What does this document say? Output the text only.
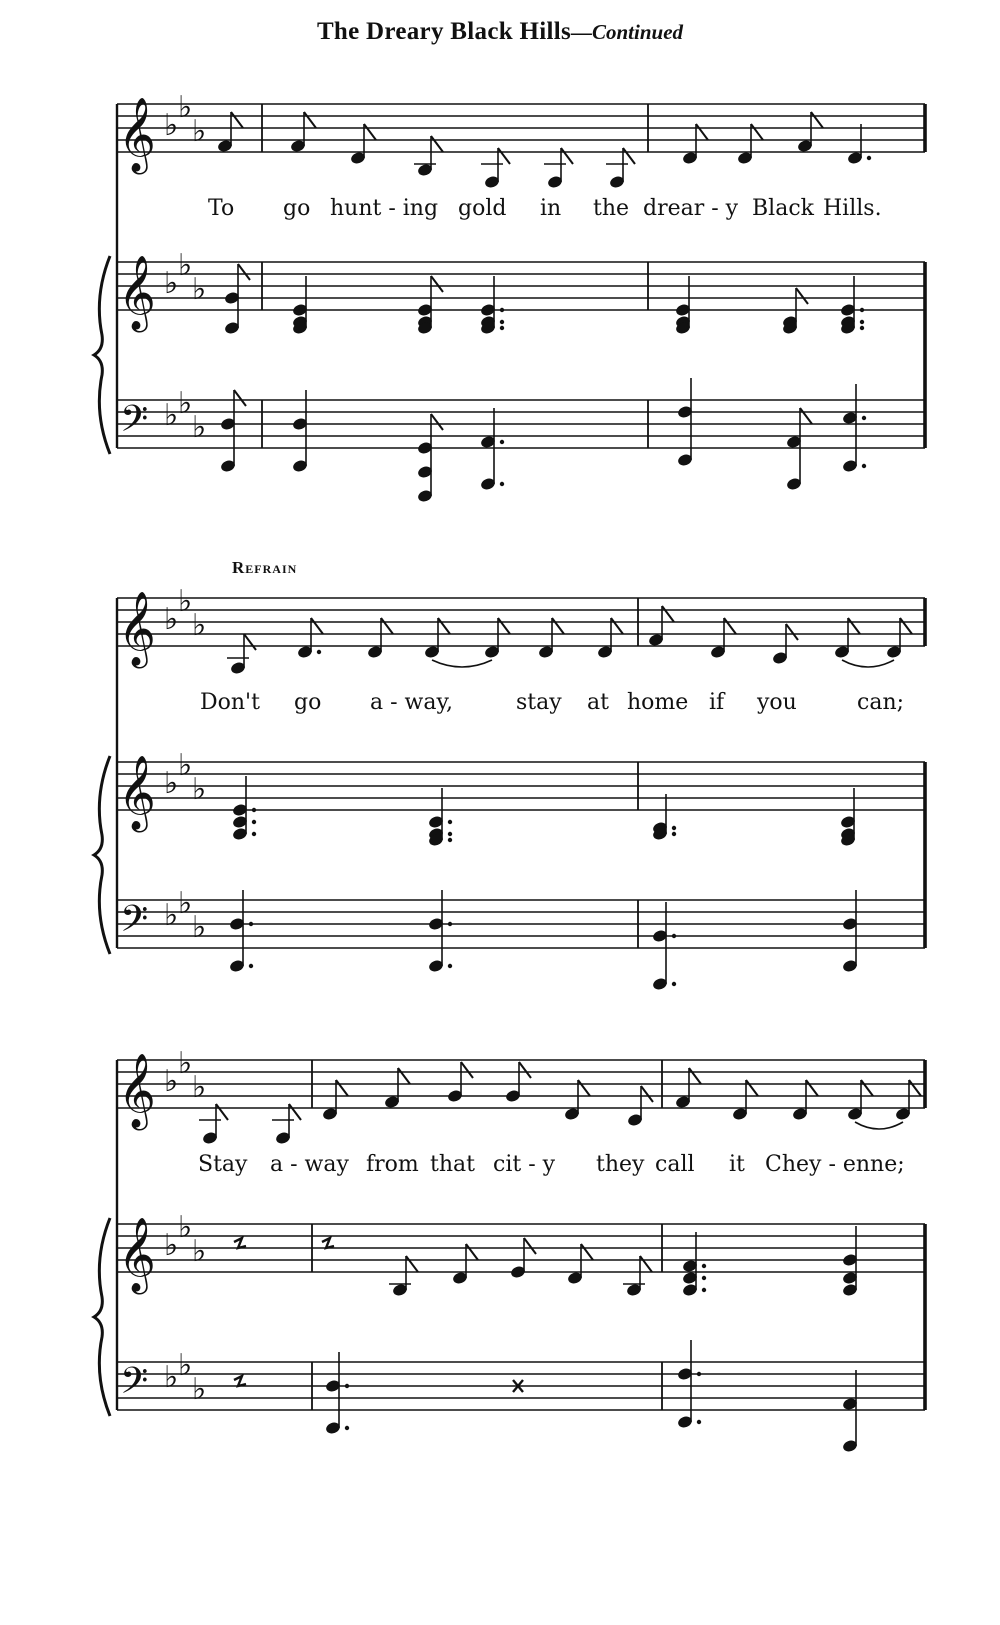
The Dreary Black Hills—Continued
Refrain
To go hunt - ing gold in the drear - y Black Hills.
Don't go a - way,	stay at home if you	can;
Stay a - way from that cit - y they call it Chey - enne;
𝄞
𝄞
𝄢
♭
♭
♭
♭
♭
♭
♭ ♭
♭
𝄞
𝄞
𝄢
♭
♭
♭
♭
♭
♭
♭ ♭
♭
𝄞
𝄞
𝄢
♭
♭
♭
♭
♭
♭
♭ ♭
♭
